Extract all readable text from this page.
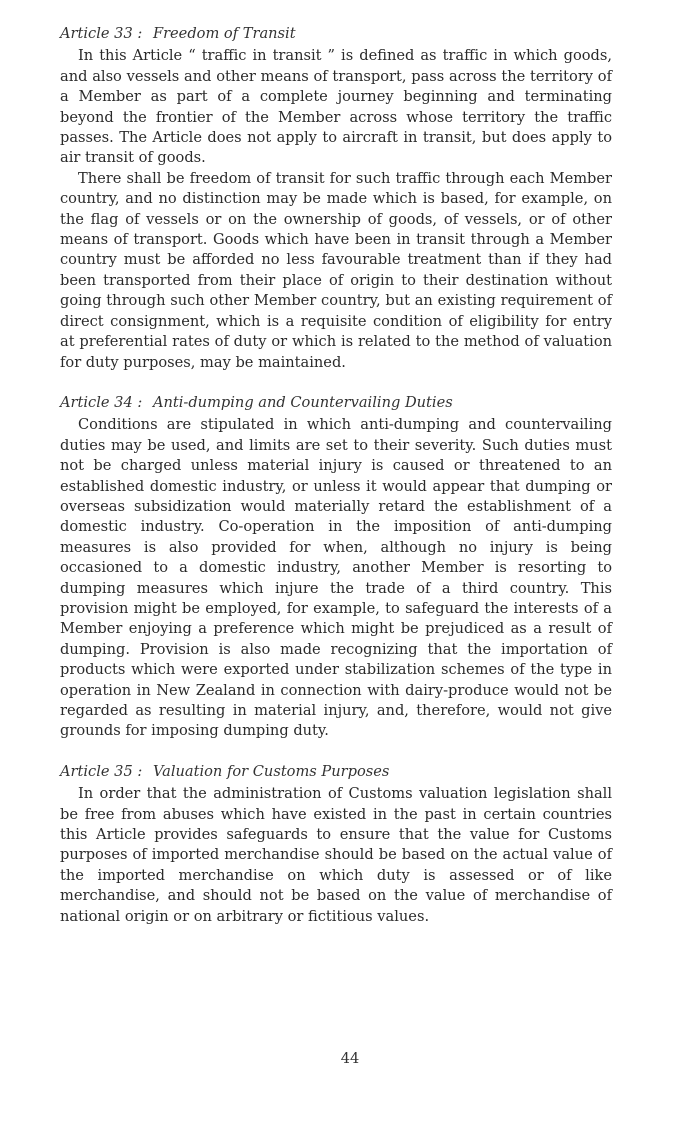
Article 33 : Freedom of Transit

In this Article “ traffic in transit ” is defined as traffic in which goods, and also vessels and other means of transport, pass across the territory of a Member as part of a complete journey beginning and terminating beyond the frontier of the Member across whose territory the traffic passes. The Article does not apply to aircraft in transit, but does apply to air transit of goods.

There shall be freedom of transit for such traffic through each Member country, and no distinction may be made which is based, for example, on the flag of vessels or on the ownership of goods, of vessels, or of other means of transport. Goods which have been in transit through a Member country must be afforded no less favourable treatment than if they had been transported from their place of origin to their destination without going through such other Member country, but an existing requirement of direct consignment, which is a requisite condition of eligibility for entry at preferential rates of duty or which is related to the method of valuation for duty purposes, may be maintained.

Article 34 : Anti-dumping and Countervailing Duties

Conditions are stipulated in which anti-dumping and countervailing duties may be used, and limits are set to their severity. Such duties must not be charged unless material injury is caused or threatened to an established domestic industry, or unless it would appear that dumping or overseas subsidization would materially retard the establishment of a domestic industry. Co-operation in the imposition of anti-dumping measures is also provided for when, although no injury is being occasioned to a domestic industry, another Member is resorting to dumping measures which injure the trade of a third country. This provision might be employed, for example, to safeguard the interests of a Member enjoying a preference which might be prejudiced as a result of dumping. Provision is also made recognizing that the importation of products which were exported under stabilization schemes of the type in operation in New Zealand in connection with dairy-produce would not be regarded as resulting in material injury, and, therefore, would not give grounds for imposing dumping duty.

Article 35 : Valuation for Customs Purposes

In order that the administration of Customs valuation legislation shall be free from abuses which have existed in the past in certain countries this Article provides safeguards to ensure that the value for Customs purposes of imported merchandise should be based on the actual value of the imported merchandise on which duty is assessed or of like merchandise, and should not be based on the value of merchandise of national origin or on arbitrary or fictitious values.

44
